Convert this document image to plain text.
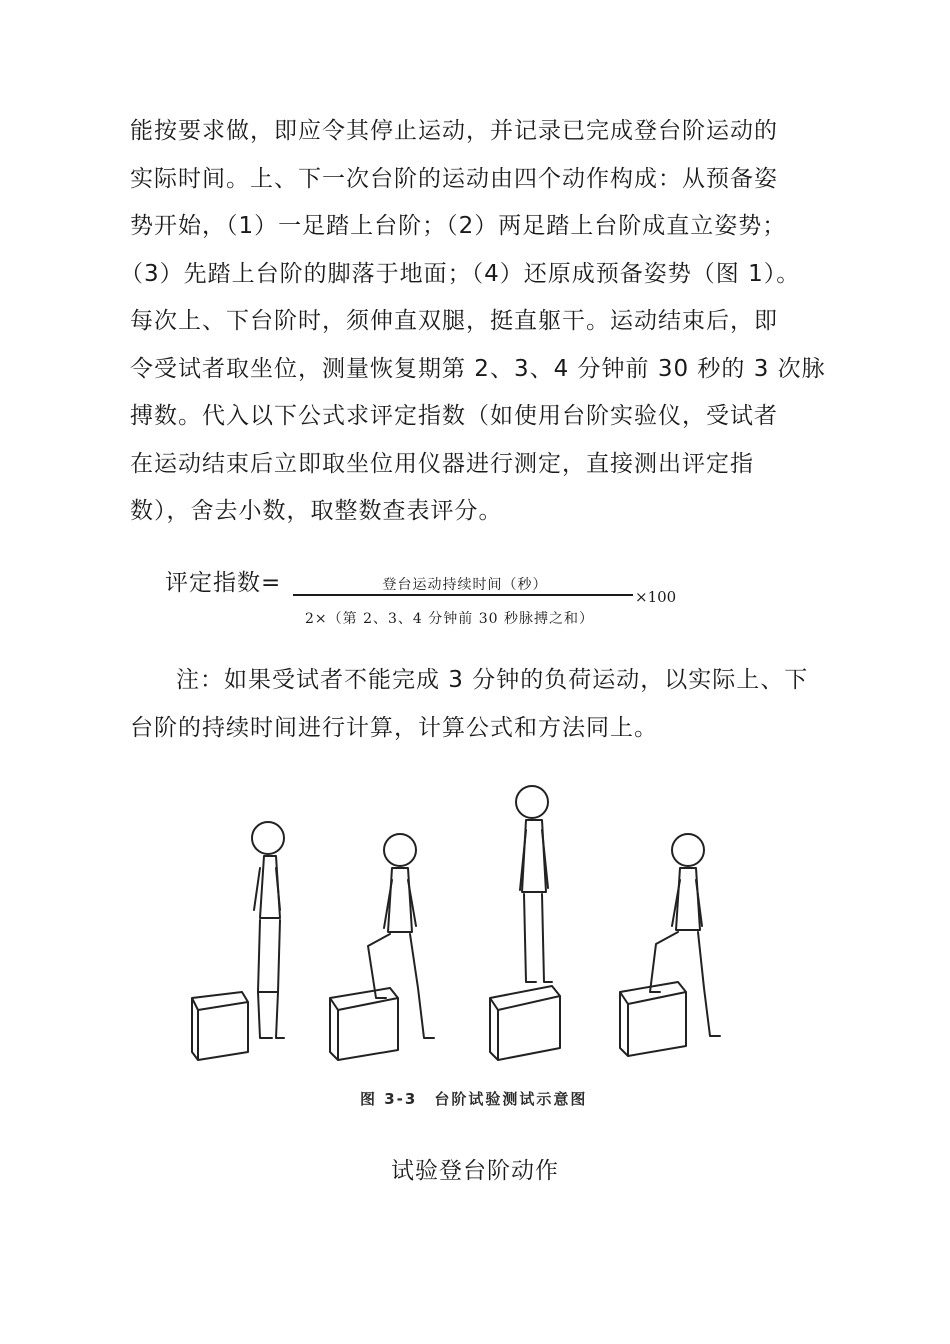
能按要求做，即应令其停止运动，并记录已完成登台阶运动的
实际时间。上、下一次台阶的运动由四个动作构成：从预备姿
势开始，（1）一足踏上台阶；（2）两足踏上台阶成直立姿势；
（3）先踏上台阶的脚落于地面；（4）还原成预备姿势（图 1）。
每次上、下台阶时，须伸直双腿，挺直躯干。运动结束后，即
令受试者取坐位，测量恢复期第 2、3、4 分钟前 30 秒的 3 次脉
搏数。代入以下公式求评定指数（如使用台阶实验仪，受试者
在运动结束后立即取坐位用仪器进行测定，直接测出评定指
数），舍去小数，取整数查表评分。
评定指数=	登台运动持续时间（秒）
2×（第 2、3、4 分钟前 30 秒脉搏之和）
×100
注：如果受试者不能完成 3 分钟的负荷运动，以实际上、下
台阶的持续时间进行计算，计算公式和方法同上。
图 3-3　台阶试验测试示意图
试验登台阶动作
